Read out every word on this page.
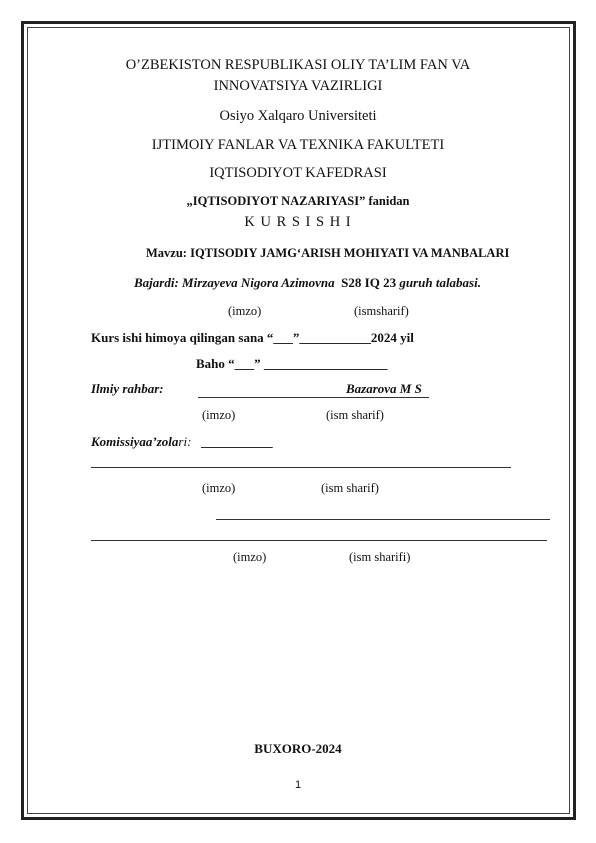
O’ZBEKISTON RESPUBLIKASI OLIY TA’LIM FAN VA
INNOVATSIYA VAZIRLIGI
Osiyo Xalqaro Universiteti
IJTIMOIY FANLAR VA TEXNIKA FAKULTETI
IQTISODIYOT KAFEDRASI
„IQTISODIYOT NAZARIYASI” fanidan
K U R S I S H I
Mavzu: IQTISODIY JAMG‘ARISH MOHIYATI VA MANBALARI
Bajardi: Mirzayeva Nigora Azimovna S28 IQ 23 guruh talabasi.
(imzo)	(ismsharif)
Kurs ishi himoya qilingan sana “___”___________2024 yil
Baho “___” ___________________
Ilmiy rahbar:	Bazarova M S
(imzo)	(ism sharif)
Komissiyaa’zolari: ___________
(imzo)	(ism sharif)
(imzo)	(ism sharifi)
BUXORO-2024
1
